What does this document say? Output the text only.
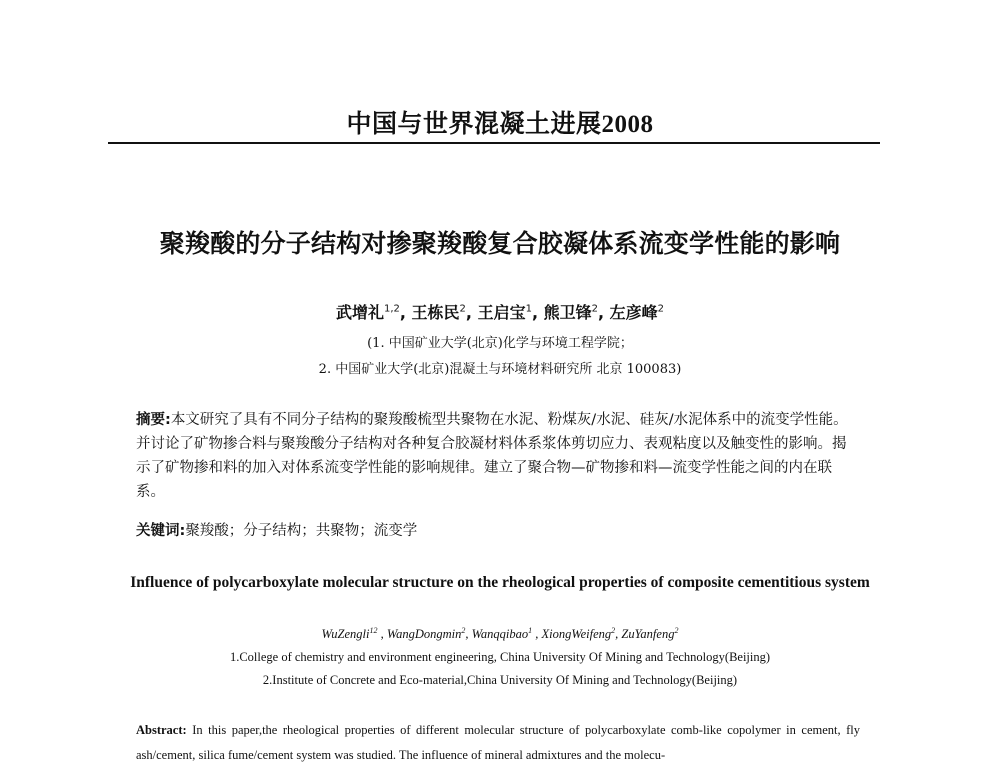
中国与世界混凝土进展2008
聚羧酸的分子结构对掺聚羧酸复合胶凝体系流变学性能的影响
武增礼$^{1,2}$, 王栋民$^2$, 王启宝$^1$, 熊卫锋$^2$, 左彦峰$^2$
(1. 中国矿业大学(北京)化学与环境工程学院；
2. 中国矿业大学(北京)混凝土与环境材料研究所 北京 100083)
摘要:本文研究了具有不同分子结构的聚羧酸梳型共聚物在水泥、粉煤灰/水泥、硅灰/水泥体系中的流变学性能。并讨论了矿物掺合料与聚羧酸分子结构对各种复合胶凝材料体系浆体剪切应力、表观粘度以及触变性的影响。揭示了矿物掺和料的加入对体系流变学性能的影响规律。建立了聚合物—矿物掺和料—流变学性能之间的内在联系。
关键词:聚羧酸；分子结构；共聚物；流变学
Influence of polycarboxylate molecular structure on the rheological properties of composite cementitious system
WuZengli$^{12}$ , WangDongmin$^2$, Wanqqibao$^1$ , XiongWeifeng$^2$, ZuYanfeng$^2$
1.College of chemistry and environment engineering, China University Of Mining and Technology(Beijing)
2.Institute of Concrete and Eco-material,China University Of Mining and Technology(Beijing)
Abstract: In this paper,the rheological properties of different molecular structure of polycarboxylate comb-like copolymer in cement, fly ash/cement, silica fume/cement system was studied. The influence of mineral admixtures and the molecu-
